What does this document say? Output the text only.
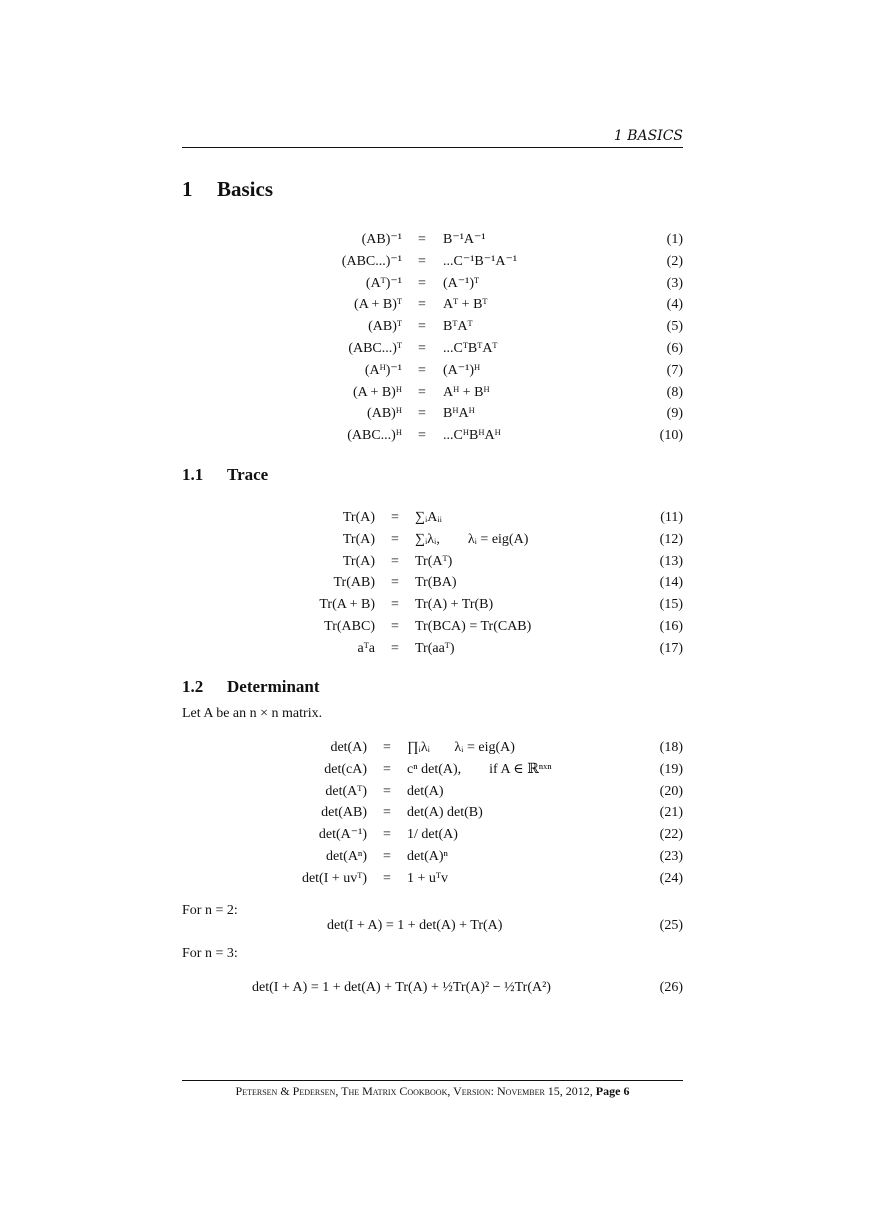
1 BASICS
1 Basics
(AB)⁻¹	=	B⁻¹A⁻¹	(1)
(ABC...)⁻¹	=	...C⁻¹B⁻¹A⁻¹	(2)
(Aᵀ)⁻¹	=	(A⁻¹)ᵀ	(3)
(A + B)ᵀ	=	Aᵀ + Bᵀ	(4)
(AB)ᵀ	=	BᵀAᵀ	(5)
(ABC...)ᵀ	=	...CᵀBᵀAᵀ	(6)
(Aᴴ)⁻¹	=	(A⁻¹)ᴴ	(7)
(A + B)ᴴ	=	Aᴴ + Bᴴ	(8)
(AB)ᴴ	=	BᴴAᴴ	(9)
(ABC...)ᴴ	=	...CᴴBᴴAᴴ	(10)
1.1 Trace
Tr(A)	=	∑ᵢAᵢᵢ	(11)
Tr(A)	=	∑ᵢλᵢ,        λᵢ = eig(A)	(12)
Tr(A)	=	Tr(Aᵀ)	(13)
Tr(AB)	=	Tr(BA)	(14)
Tr(A + B)	=	Tr(A) + Tr(B)	(15)
Tr(ABC)	=	Tr(BCA) = Tr(CAB)	(16)
aᵀa	=	Tr(aaᵀ)	(17)
1.2 Determinant
Let A be an n × n matrix.
det(A)	=	∏ᵢλᵢ       λᵢ = eig(A)	(18)
det(cA)	=	cⁿ det(A),        if A ∈ ℝⁿˣⁿ	(19)
det(Aᵀ)	=	det(A)	(20)
det(AB)	=	det(A) det(B)	(21)
det(A⁻¹)	=	1/ det(A)	(22)
det(Aⁿ)	=	det(A)ⁿ	(23)
det(I + uvᵀ)	=	1 + uᵀv	(24)
For n = 2:
det(I + A) = 1 + det(A) + Tr(A)	(25)
For n = 3:
det(I + A) = 1 + det(A) + Tr(A) + ½Tr(A)² − ½Tr(A²)	(26)
Petersen & Pedersen, The Matrix Cookbook, Version: November 15, 2012, Page 6
